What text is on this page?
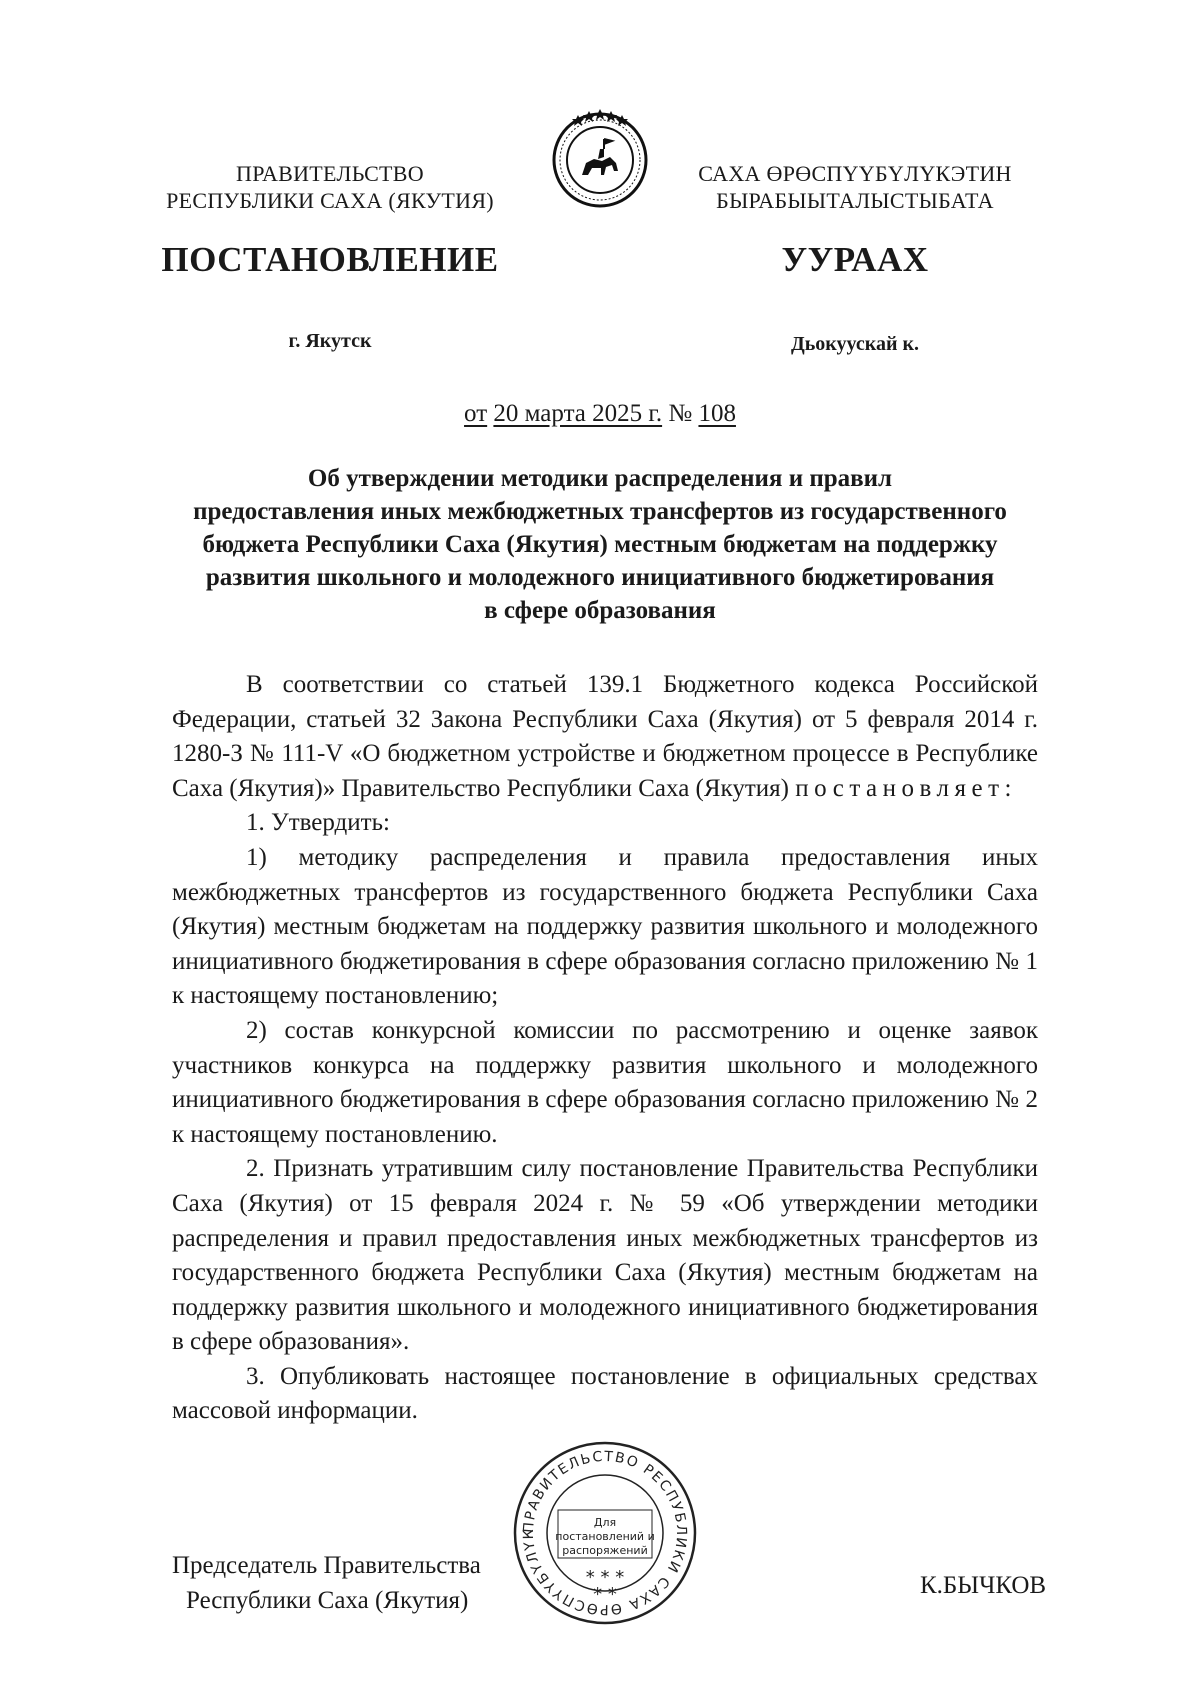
ПРАВИТЕЛЬСТВО
РЕСПУБЛИКИ САХА (ЯКУТИЯ)
САХА ӨРӨСПҮҮБҮЛҮКЭТИН
БЫРАБЫЫТАЛЫСТЫБАТА
ПОСТАНОВЛЕНИЕ	УУРААХ
г. Якутск	Дьокуускай к.
от 20 марта 2025 г. № 108
Об утверждении методики распределения и правил
предоставления иных межбюджетных трансфертов из государственного
бюджета Республики Саха (Якутия) местным бюджетам на поддержку
развития школьного и молодежного инициативного бюджетирования
в сфере образования

В соответствии со статьей 139.1 Бюджетного кодекса Российской Федерации, статьей 32 Закона Республики Саха (Якутия) от 5 февраля 2014 г. 1280-З № 111-V «О бюджетном устройстве и бюджетном процессе в Республике Саха (Якутия)» Правительство Республики Саха (Якутия) постановляет:

1. Утвердить:

1) методику распределения и правила предоставления иных межбюджетных трансфертов из государственного бюджета Республики Саха (Якутия) местным бюджетам на поддержку развития школьного и молодежного инициативного бюджетирования в сфере образования согласно приложению № 1 к настоящему постановлению;

2) состав конкурсной комиссии по рассмотрению и оценке заявок участников конкурса на поддержку развития школьного и молодежного инициативного бюджетирования в сфере образования согласно приложению № 2 к настоящему постановлению.

2. Признать утратившим силу постановление Правительства Республики Саха (Якутия) от 15 февраля 2024 г. № 59 «Об утверждении методики распределения и правил предоставления иных межбюджетных трансфертов из государственного бюджета Республики Саха (Якутия) местным бюджетам на поддержку развития школьного и молодежного инициативного бюджетирования в сфере образования».

3. Опубликовать настоящее постановление в официальных средствах массовой информации.

Председатель Правительства
Республики Саха (Якутия)
К.БЫЧКОВ
ПРАВИТЕЛЬСТВО РЕСПУБЛИКИ САХА ӨРӨСПҮҮБҮЛҮК
Для
постановлений и
распоряжений
* * *
* *
